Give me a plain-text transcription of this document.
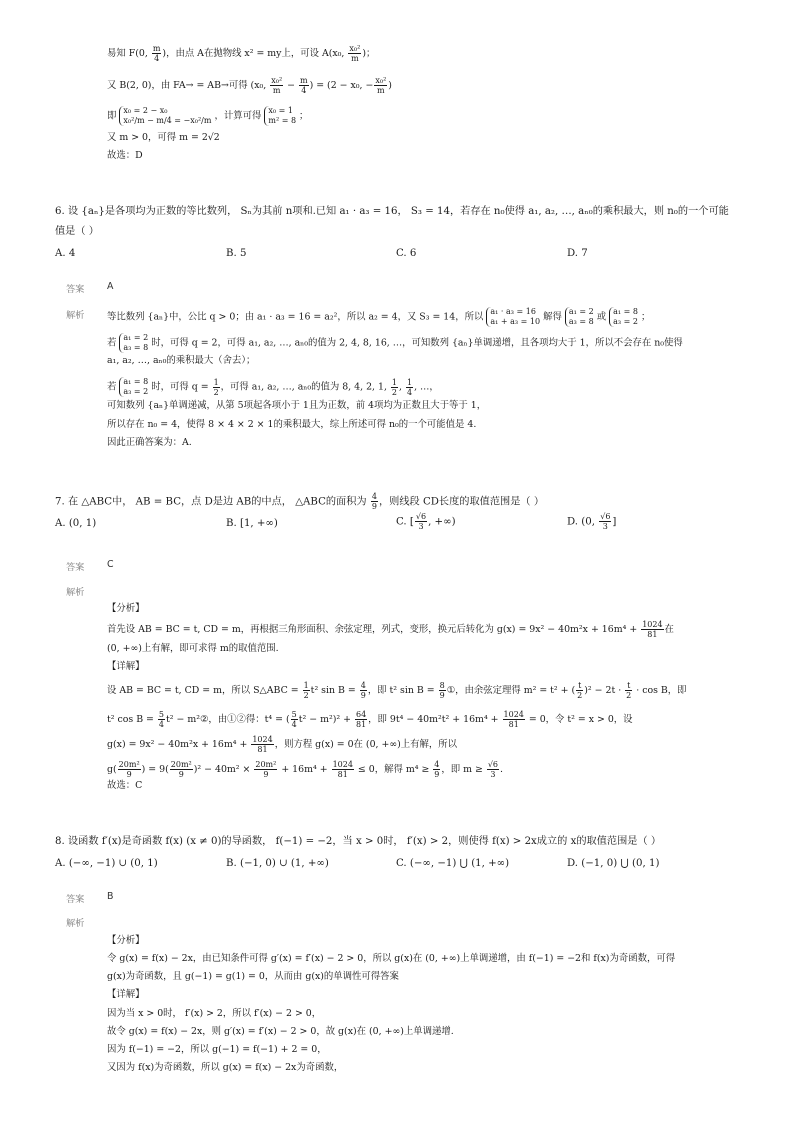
易知 F(0, $\frac{m}{4}$ )，由点 A在抛物线 x² = my上，可设 A(x₀, $\frac{\text{x₀²}}{m}$ )；
又 B(2, 0)，由 FA→ = AB→可得 (x₀, $\frac{\text{x₀²}}{m} - \frac{m}{4}$ ) = (2 − x₀, − $\frac{\text{x₀²}}{m}$ )
即 x₀ = 2 − x₀
x₀²/m − m/4 = −x₀²/m ，计算可得 x₀ = 1
m² = 8 ；
又 m > 0，可得 m = 2√2
故选：D
6. 设 {aₙ}是各项均为正数的等比数列， Sₙ为其前 n项和.已知 a₁ · a₃ = 16， S₃ = 14，若存在 n₀使得 a₁, a₂, …, aₙ₀的乘积最大，则 n₀的一个可能
值是（ ）
A. 4	B. 5	C. 6	D. 7
答案 A
解析 等比数列 {aₙ}中，公比 q > 0；由 a₁ · a₃ = 16 = a₂²，所以 a₂ = 4，又 S₃ = 14，所以 a₁ · a₃ = 16
a₁ + a₃ = 10 解得 a₁ = 2
a₃ = 8 或 a₁ = 8
a₃ = 2 ；
若 a₁ = 2
a₃ = 8 时，可得 q = 2，可得 a₁, a₂, …, aₙ₀的值为 2, 4, 8, 16, …，可知数列 {aₙ}单调递增，且各项均大于 1，所以不会存在 n₀使得
a₁, a₂, …, aₙ₀的乘积最大（舍去）；
若 a₁ = 8
a₃ = 2 时，可得 $q = \frac{1}{2}$ ，可得 a₁, a₂, …, aₙ₀的值为 8, 4, 2, 1, $\frac{1}{2}$ , $\frac{1}{4}$ , …，
可知数列 {aₙ}单调递减，从第 5项起各项小于 1且为正数，前 4项均为正数且大于等于 1，
所以存在 n₀ = 4，使得 8 × 4 × 2 × 1的乘积最大，综上所述可得 n₀的一个可能值是 4.
因此正确答案为：A.
7. 在 △ABC中， AB = BC，点 D是边 AB的中点， △ABC的面积为 $\frac{4}{9}$ ，则线段 CD长度的取值范围是（ ）
A. (0, 1)	B. [1, +∞)	C. [ $\frac{√6}{3}$ , +∞)	D. (0, $\frac{√6}{3}$ ]
答案 C
解析
【分析】
首先设 AB = BC = t, CD = m，再根据三角形面积、余弦定理，列式，变形，换元后转化为 $g(x) = 9x^2 - 40m^2x + 16m^4 + \frac{1024}{81}$ 在
(0, +∞)上有解，即可求得 m的取值范围.
【详解】
设 AB = BC = t, CD = m，所以 S△ABC = $\frac{1}{2} t^2$ $\sin B = \frac{4}{9}$ ，即 t² $\sin B = \frac{8}{9}$ ①，由余弦定理得 m² = t² + ( $\frac{t}{2} )^2 - 2t \cdot \frac{t}{2} \cdot \cos B$，即
t² $\cos B = \frac{5}{4} t^2$ − m²②，由①②得：t⁴ = ( $\frac{5}{4} t^2 - m^2)^2 + \frac{64}{81}$ ，即 $9t^4 - 40m^2t^2 + 16m^4 + \frac{1024}{81} = 0$，令 t² = x > 0，设
$g(x) = 9x^2 - 40m^2x + 16m^4 + \frac{1024}{81}$ ，则方程 g(x) = 0在 (0, +∞)上有解，所以
$g( \frac{\text{20m²}}{9}$ ) = $9( \frac{\text{20m²}}{9} )^2 - 40m^2 \times \frac{\text{20m²}}{9} + 16m^4 + \frac{1024}{81} \le 0$，解得 $m^4 \ge \frac{4}{9}$ ，即 $m \ge \frac{√6}{3}$ .
故选：C
8. 设函数 f′(x)是奇函数 f(x) (x ≠ 0)的导函数， f(−1) = −2，当 x > 0时， f′(x) > 2，则使得 f(x) > 2x成立的 x的取值范围是（ ）
A. (−∞, −1) ∪ (0, 1)	B. (−1, 0) ∪ (1, +∞)	C. (−∞, −1) ⋃ (1, +∞)	D. (−1, 0) ⋃ (0, 1)
答案 B
解析
【分析】
令 g(x) = f(x) − 2x，由已知条件可得 g′(x) = f′(x) − 2 > 0，所以 g(x)在 (0, +∞)上单调递增，由 f(−1) = −2和 f(x)为奇函数，可得
g(x)为奇函数，且 g(−1) = g(1) = 0，从而由 g(x)的单调性可得答案
【详解】
因为当 x > 0时， f′(x) > 2，所以 f′(x) − 2 > 0，
故令 g(x) = f(x) − 2x，则 g′(x) = f′(x) − 2 > 0，故 g(x)在 (0, +∞)上单调递增.
因为 f(−1) = −2，所以 g(−1) = f(−1) + 2 = 0，
又因为 f(x)为奇函数，所以 g(x) = f(x) − 2x为奇函数，
